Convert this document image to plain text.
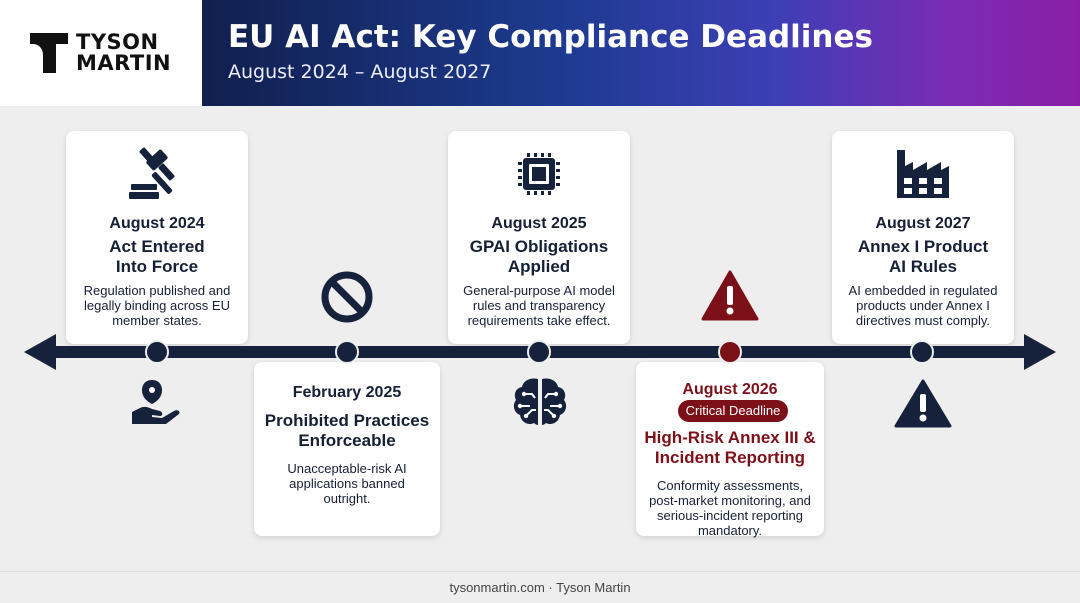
TYSON
MARTIN
EU AI Act: Key Compliance Deadlines
August 2024 – August 2027
August 2024
Act Entered
Into Force
Regulation published and
legally binding across EU
member states.
August 2025
GPAI Obligations
Applied
General-purpose AI model
rules and transparency
requirements take effect.
August 2027
Annex I Product
AI Rules
AI embedded in regulated
products under Annex I
directives must comply.
February 2025
Prohibited Practices
Enforceable
Unacceptable-risk AI
applications banned
outright.
August 2026Critical Deadline
High-Risk Annex III &
Incident Reporting
Conformity assessments,
post-market monitoring, and
serious-incident reporting
mandatory.
tysonmartin.com · Tyson Martin
